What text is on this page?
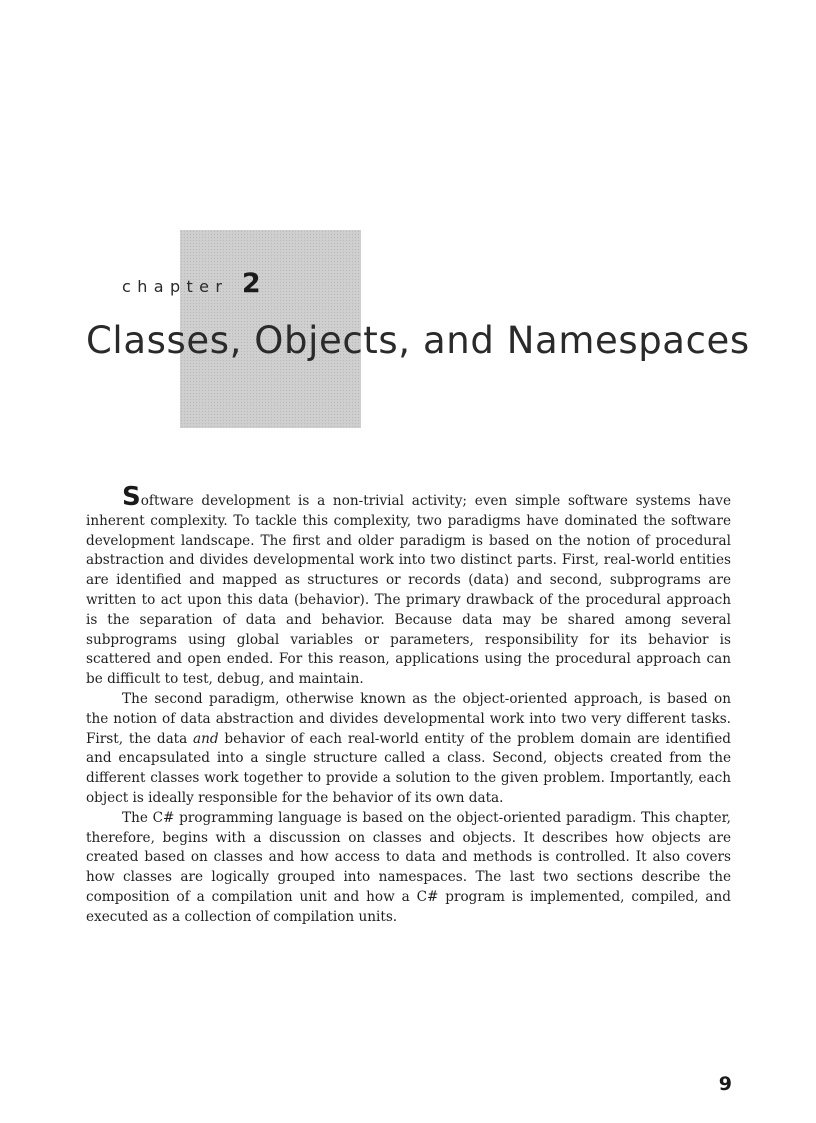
chapter 2
Classes, Objects, and Namespaces

Software development is a non-trivial activity; even simple software systems have inherent complexity. To tackle this complexity, two paradigms have dominated the software development landscape. The first and older paradigm is based on the notion of procedural abstraction and divides developmental work into two distinct parts. First, real-world entities are identified and mapped as structures or records (data) and second, subprograms are written to act upon this data (behavior). The primary drawback of the procedural approach is the separation of data and behavior. Because data may be shared among several subprograms using global variables or parameters, responsibility for its behavior is scattered and open ended. For this reason, applications using the procedural approach can be difficult to test, debug, and maintain.

The second paradigm, otherwise known as the object-oriented approach, is based on the notion of data abstraction and divides developmental work into two very different tasks. First, the data and behavior of each real-world entity of the problem domain are identified and encapsulated into a single structure called a class. Second, objects created from the different classes work together to provide a solution to the given problem. Importantly, each object is ideally responsible for the behavior of its own data.

The C# programming language is based on the object-oriented paradigm. This chapter, therefore, begins with a discussion on classes and objects. It describes how objects are created based on classes and how access to data and methods is controlled. It also covers how classes are logically grouped into namespaces. The last two sections describe the composition of a compilation unit and how a C# program is implemented, compiled, and executed as a collection of compilation units.

9
